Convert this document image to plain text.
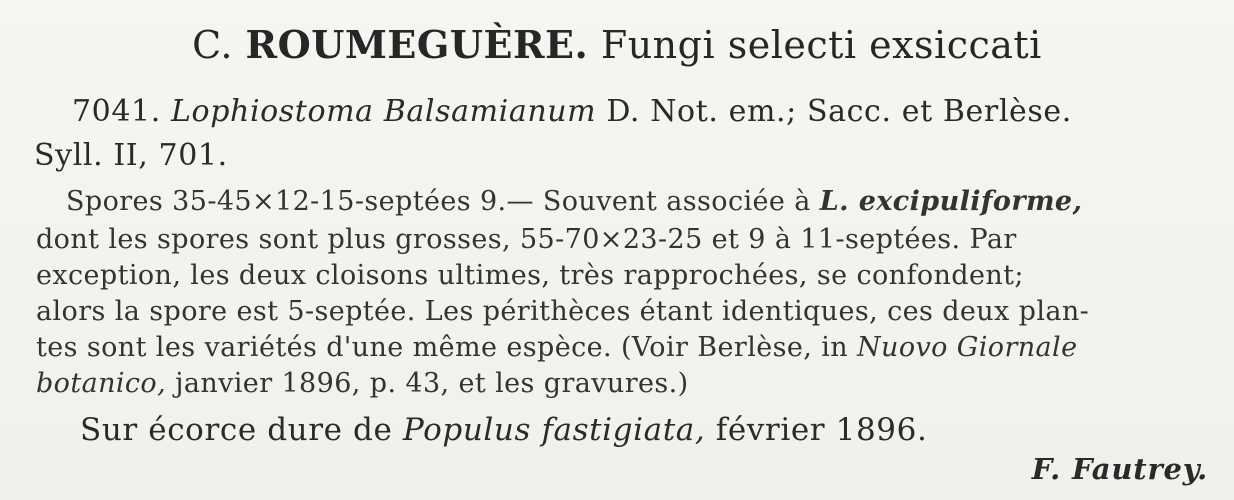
C. ROUMEGUÈRE. Fungi selecti exsiccati
7041. Lophiostoma Balsamianum D. Not. em.; Sacc. et Berlèse.
Syll. II, 701.
Spores 35-45×12-15-septées 9.— Souvent associée à L. excipuliforme,
dont les spores sont plus grosses, 55-70×23-25 et 9 à 11-septées. Par
exception, les deux cloisons ultimes, très rapprochées, se confondent;
alors la spore est 5-septée. Les périthèces étant identiques, ces deux plan-
tes sont les variétés d'une même espèce. (Voir Berlèse, in Nuovo Giornale
botanico, janvier 1896, p. 43, et les gravures.)
Sur écorce dure de Populus fastigiata, février 1896.
F. Fautrey.
